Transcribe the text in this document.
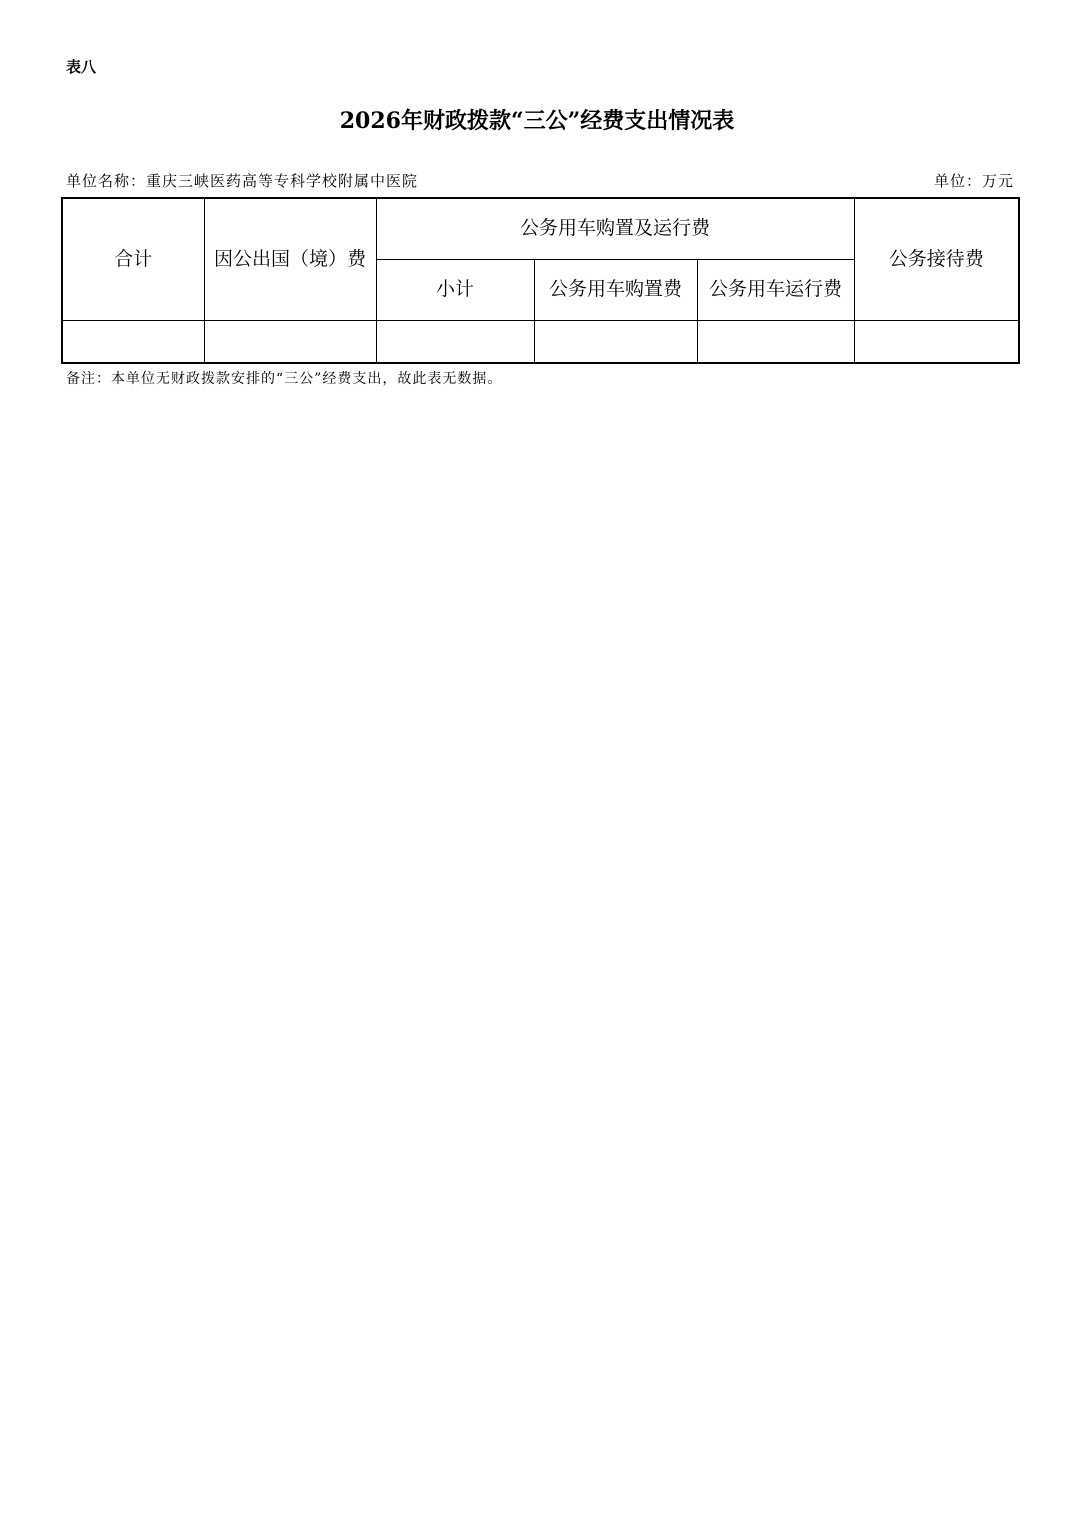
表八
2026年财政拨款“三公”经费支出情况表
单位名称：重庆三峡医药高等专科学校附属中医院	单位：万元
合计	因公出国（境）费	公务用车购置及运行费			公务接待费
		小计	公务用车购置费	公务用车运行费	

备注：本单位无财政拨款安排的“三公”经费支出，故此表无数据。
